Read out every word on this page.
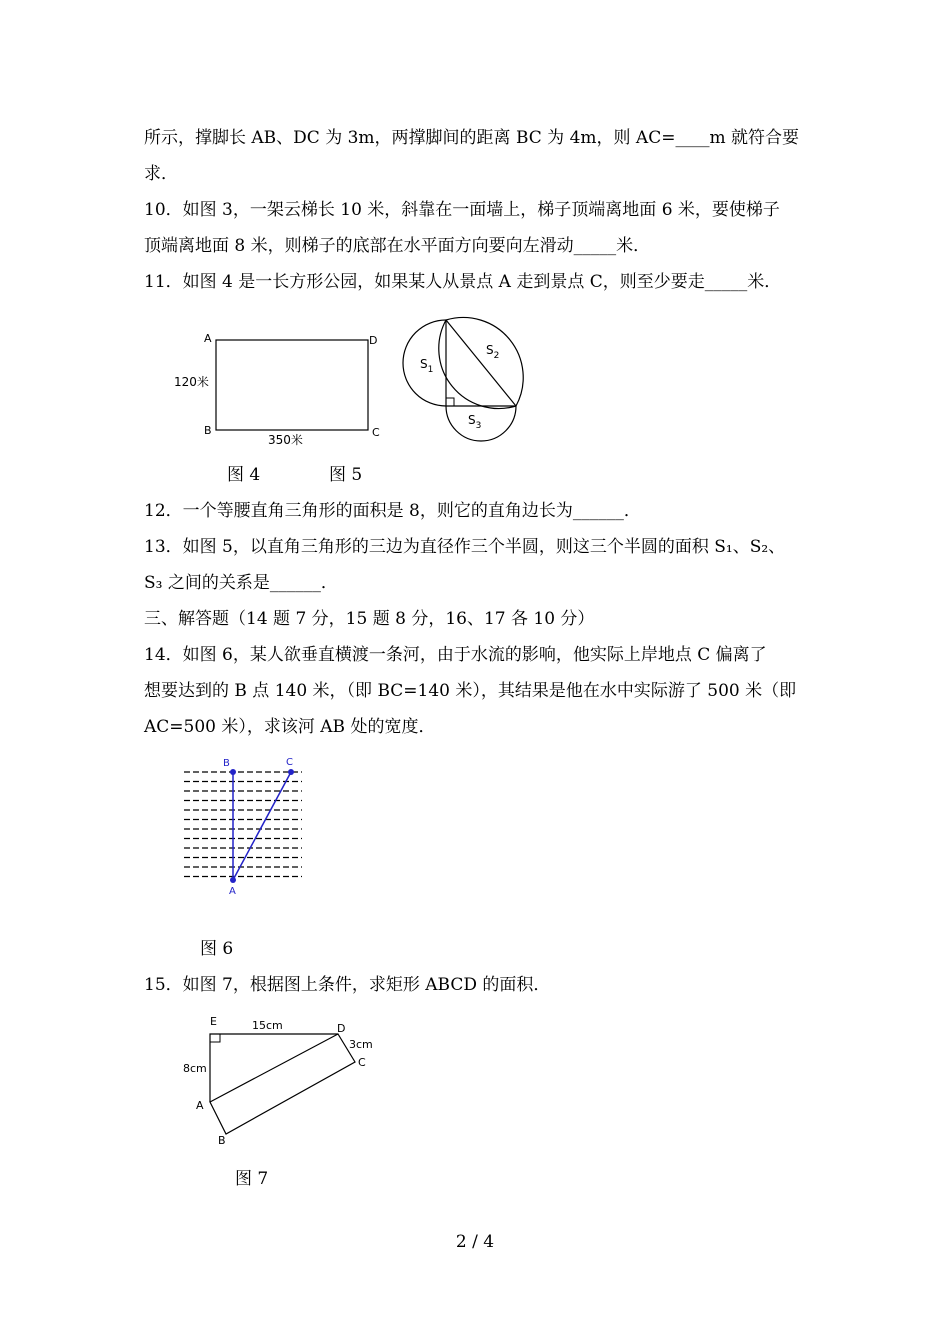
所示，撑脚长 AB、DC 为 3m，两撑脚间的距离 BC 为 4m，则 AC=____m 就符合要
求．
10．如图 3，一架云梯长 10 米，斜靠在一面墙上，梯子顶端离地面 6 米，要使梯子
顶端离地面 8 米，则梯子的底部在水平面方向要向左滑动_____米．
11．如图 4 是一长方形公园，如果某人从景点 A 走到景点 C，则至少要走_____米．
A	D
B	C
120米
350米
$S_1$
$S_2$
$S_3$
图 4	图 5
12．一个等腰直角三角形的面积是 8，则它的直角边长为______．
13．如图 5，以直角三角形的三边为直径作三个半圆，则这三个半圆的面积 S₁、S₂、
S₃ 之间的关系是______．
三、解答题（14 题 7 分，15 题 8 分，16、17 各 10 分）
14．如图 6，某人欲垂直横渡一条河，由于水流的影响，他实际上岸地点 C 偏离了
想要达到的 B 点 140 米，（即 BC=140 米），其结果是他在水中实际游了 500 米（即
AC=500 米），求该河 AB 处的宽度．
B	C
A
图 6
15．如图 7，根据图上条件，求矩形 ABCD 的面积．
E
D
A
B
C
15cm
8cm
3cm
图 7
2 / 4
